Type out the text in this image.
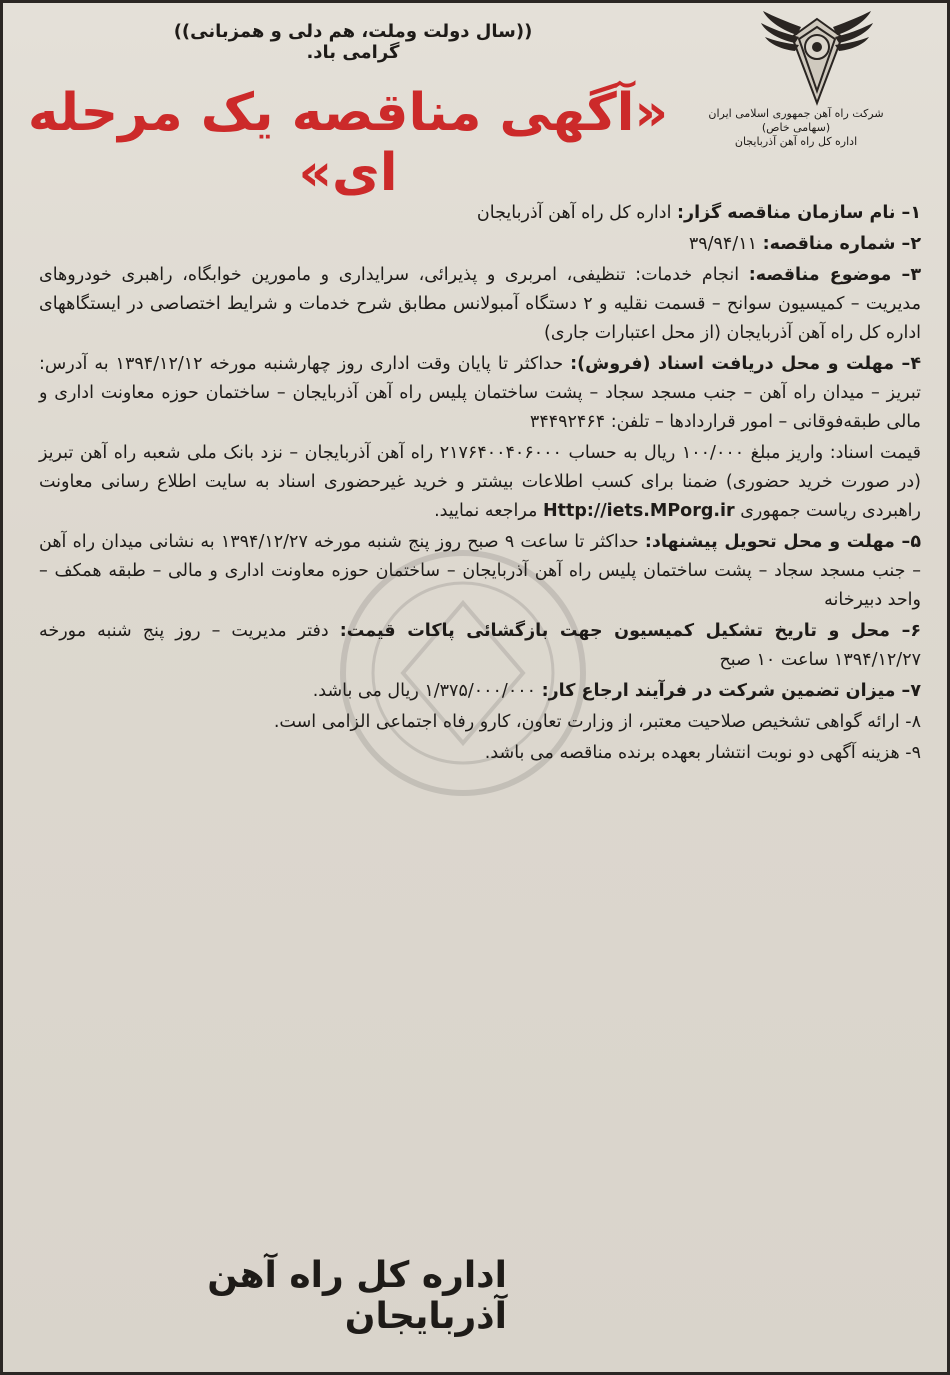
((سال دولت وملت، هم دلی و همزبانی)) گرامی باد.
شرکت راه آهن جمهوری اسلامی ایران (سهامی خاص)
اداره کل راه آهن آذربایجان
«آگهی مناقصه یک مرحله ای»
۱– نام سازمان مناقصه گزار: اداره کل راه آهن آذربایجان
۲– شماره مناقصه: ۳۹/۹۴/۱۱
۳– موضوع مناقصه: انجام خدمات: تنظیفی، امربری و پذیرائی، سرایداری و مامورین خوابگاه، راهبری خودروهای مدیریت – کمیسیون سوانح – قسمت نقلیه و ۲ دستگاه آمبولانس مطابق شرح خدمات و شرایط اختصاصی در ایستگاههای اداره کل راه آهن آذربایجان (از محل اعتبارات جاری)
۴– مهلت و محل دریافت اسناد (فروش): حداکثر تا پایان وقت اداری روز چهارشنبه مورخه ۱۳۹۴/۱۲/۱۲ به آدرس: تبریز – میدان راه آهن – جنب مسجد سجاد – پشت ساختمان پلیس راه آهن آذربایجان – ساختمان حوزه معاونت اداری و مالی طبقه‌فوقانی – امور قراردادها – تلفن: ۳۴۴۹۲۴۶۴
قیمت اسناد: واریز مبلغ ۱۰۰/۰۰۰ ریال به حساب ۲۱۷۶۴۰۰۴۰۶۰۰۰ راه آهن آذربایجان – نزد بانک ملی شعبه راه آهن تبریز (در صورت خرید حضوری) ضمنا برای کسب اطلاعات بیشتر و خرید غیرحضوری اسناد به سایت اطلاع رسانی معاونت راهبردی ریاست جمهوری Http://iets.MPorg.ir مراجعه نمایید.
۵– مهلت و محل تحویل پیشنهاد: حداکثر تا ساعت ۹ صبح روز پنج شنبه مورخه ۱۳۹۴/۱۲/۲۷ به نشانی میدان راه آهن – جنب مسجد سجاد – پشت ساختمان پلیس راه آهن آذربایجان – ساختمان حوزه معاونت اداری و مالی – طبقه همکف – واحد دبیرخانه
۶– محل و تاریخ تشکیل کمیسیون جهت بازگشائی پاکات قیمت: دفتر مدیریت – روز پنج شنبه مورخه ۱۳۹۴/۱۲/۲۷ ساعت ۱۰ صبح
۷– میزان تضمین شرکت در فرآیند ارجاع کار: ۱/۳۷۵/۰۰۰/۰۰۰ ریال می باشد.
۸- ارائه گواهی تشخیص صلاحیت معتبر، از وزارت تعاون، کارو رفاه اجتماعی الزامی است.
۹- هزینه آگهی دو نوبت انتشار بعهده برنده مناقصه می باشد.
اداره کل راه آهن آذربایجان
